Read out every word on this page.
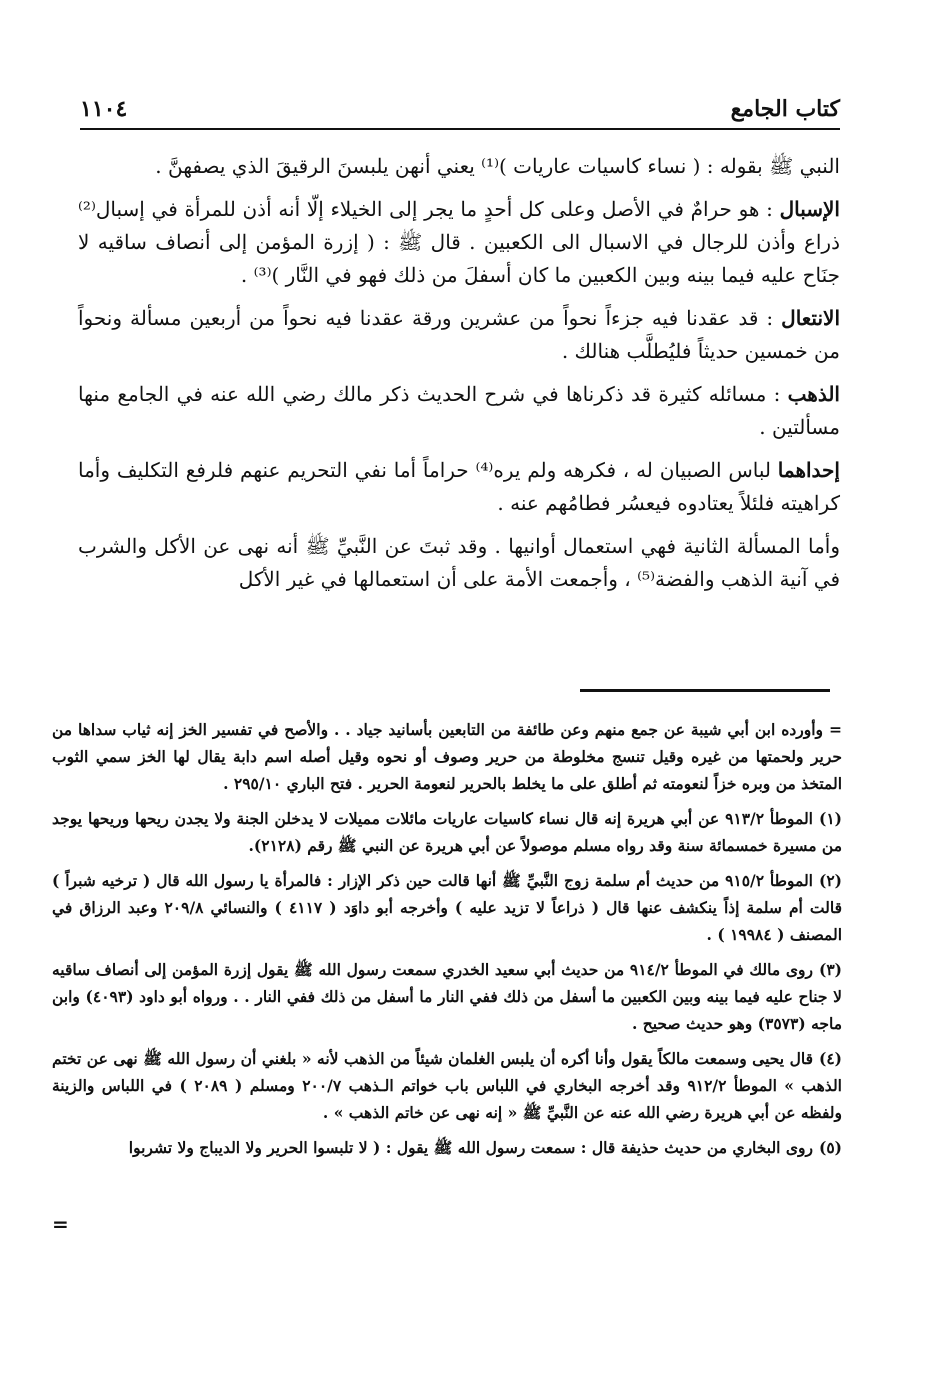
كتاب الجامع
١١٠٤

النبي ﷺ بقوله : ( نساء كاسيات عاريات )⁽¹⁾ يعني أنهن يلبسنَ الرقيقَ الذي يصفهنَّ .

الإسبال : هو حرامٌ في الأصل وعلى كل أحدٍ ما يجر إلى الخيلاء إلّا أنه أذن للمرأة في إسبال⁽²⁾ ذراع وأذن للرجال في الاسبال الى الكعبين . قال ﷺ : ( إزرة المؤمن إلى أنصاف ساقيه لا جنَاح عليه فيما بينه وبين الكعبين ما كان أسفلَ من ذلك فهو في النَّار )⁽³⁾ .

الانتعال : قد عقدنا فيه جزءاً نحواً من عشرين ورقة عقدنا فيه نحواً من أربعين مسألة ونحواً من خمسين حديثاً فليُطلَّب هنالك .

الذهب : مسائله كثيرة قد ذكرناها في شرح الحديث ذكر مالك رضي الله عنه في الجامع منها مسألتين .

إحداهما لباس الصبيان له ، فكرهه ولم يره⁽⁴⁾ حراماً أما نفي التحريم عنهم فلرفع التكليف وأما كراهيته فلئلاً يعتادوه فيعسُر فطامُهم عنه .

وأما المسألة الثانية فهي استعمال أوانيها . وقد ثبتَ عن النَّبيِّ ﷺ أنه نهى عن الأكل والشرب في آنية الذهب والفضة⁽⁵⁾ ، وأجمعت الأمة على أن استعمالها في غير الأكل

=وأورده ابن أبي شيبة عن جمع منهم وعن طائفة من التابعين بأسانيد جياد . . والأصح في تفسير الخز إنه ثياب سداها من حرير ولحمتها من غيره وقيل تنسج مخلوطة من حرير وصوف أو نحوه وقيل أصله اسم دابة يقال لها الخز سمي الثوب المتخذ من وبره خزاً لنعومته ثم أطلق على ما يخلط بالحرير لنعومة الحرير . فتح الباري ٢٩٥/١٠ .

(١)الموطأ ٩١٣/٢ عن أبي هريرة إنه قال نساء كاسيات عاريات مائلات مميلات لا يدخلن الجنة ولا يجدن ريحها وريحها يوجد من مسيرة خمسمائة سنة وقد رواه مسلم موصولاً عن أبي هريرة عن النبي ﷺ رقم (٢١٢٨).

(٢)الموطأ ٩١٥/٢ من حديث أم سلمة زوج النَّبيِّ ﷺ أنها قالت حين ذكر الإزار : فالمرأة يا رسول الله قال ( ترخيه شبراً ) قالت أم سلمة إذاً ينكشف عنها قال ( ذراعاً لا تزيد عليه ) وأخرجه أبو داوَد ( ٤١١٧ ) والنسائي ٢٠٩/٨ وعبد الرزاق في المصنف ( ١٩٩٨٤ ) .

(٣)روى مالك في الموطأ ٩١٤/٢ من حديث أبي سعيد الخدري سمعت رسول الله ﷺ يقول إزرة المؤمن إلى أنصاف ساقيه لا جناح عليه فيما بينه وبين الكعبين ما أسفل من ذلك ففي النار ما أسفل من ذلك ففي النار . . ورواه أبو داود (٤٠٩٣) وابن ماجه (٣٥٧٣) وهو حديث صحيح .

(٤)قال يحيى وسمعت مالكاً يقول وأنا أكره أن يلبس الغلمان شيئاً من الذهب لأنه « بلغني أن رسول الله ﷺ نهى عن تختم الذهب » الموطأ ٩١٢/٢ وقد أخرجه البخاري في اللباس باب خواتم الـذهب ٢٠٠/٧ ومسلم ( ٢٠٨٩ ) في اللباس والزينة ولفظه عن أبي هريرة رضي الله عنه عن النَّبيِّ ﷺ « إنه نهى عن خاتم الذهب » .

(٥)روى البخاري من حديث حذيفة قال : سمعت رسول الله ﷺ يقول : ( لا تلبسوا الحرير ولا الديباج ولا تشربوا

=
